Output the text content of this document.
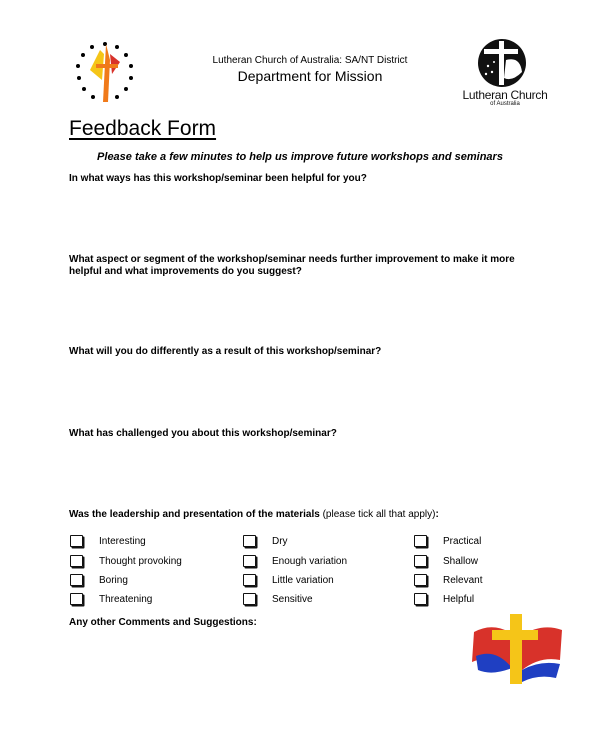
Lutheran Church of Australia: SA/NT District
Department for Mission
Lutheran Church
of Australia
Feedback Form
Please take a few minutes to help us improve future workshops and seminars
In what ways has this workshop/seminar been helpful for you?
What aspect or segment of the workshop/seminar needs further improvement to make it more helpful and what improvements do you suggest?
What will you do differently as a result of this workshop/seminar?
What has challenged you about this workshop/seminar?
Was the leadership and presentation of the materials (please tick all that apply):
Interesting
Thought provoking
Boring
Threatening
Dry
Enough variation
Little variation
Sensitive
Practical
Shallow
Relevant
Helpful
Any other Comments and Suggestions:
